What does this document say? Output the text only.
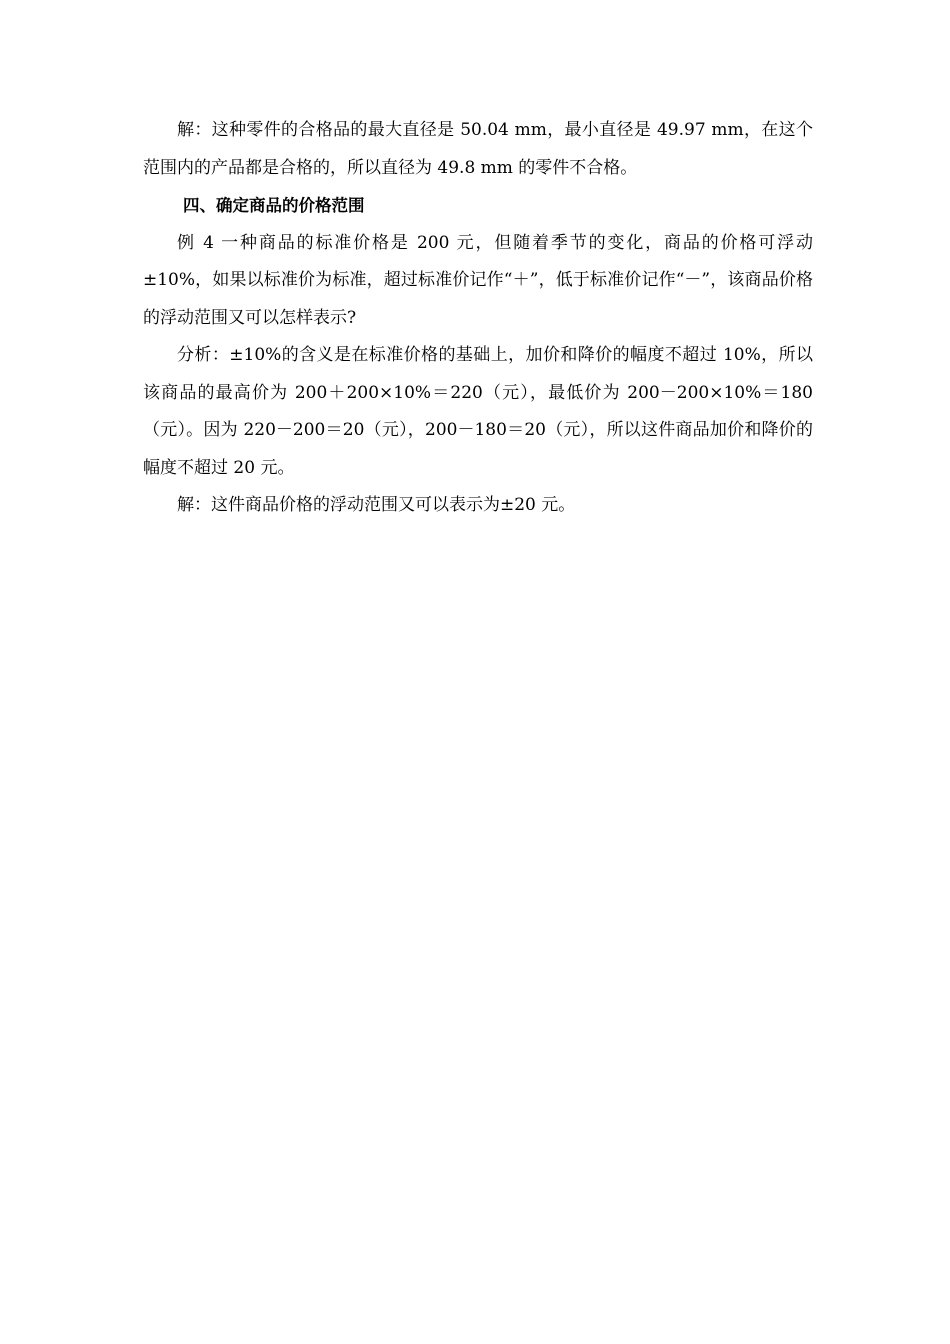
解：这种零件的合格品的最大直径是 50.04 mm，最小直径是 49.97 mm，在这个范围内的产品都是合格的，所以直径为 49.8 mm 的零件不合格。

四、确定商品的价格范围

例 4 一种商品的标准价格是 200 元，但随着季节的变化，商品的价格可浮动±10%，如果以标准价为标准，超过标准价记作“＋”，低于标准价记作“－”，该商品价格的浮动范围又可以怎样表示?

分析：±10%的含义是在标准价格的基础上，加价和降价的幅度不超过 10%，所以该商品的最高价为 200＋200×10%＝220（元），最低价为 200－200×10%＝180（元）。因为 220－200＝20（元），200－180＝20（元），所以这件商品加价和降价的幅度不超过 20 元。

解：这件商品价格的浮动范围又可以表示为±20 元。
